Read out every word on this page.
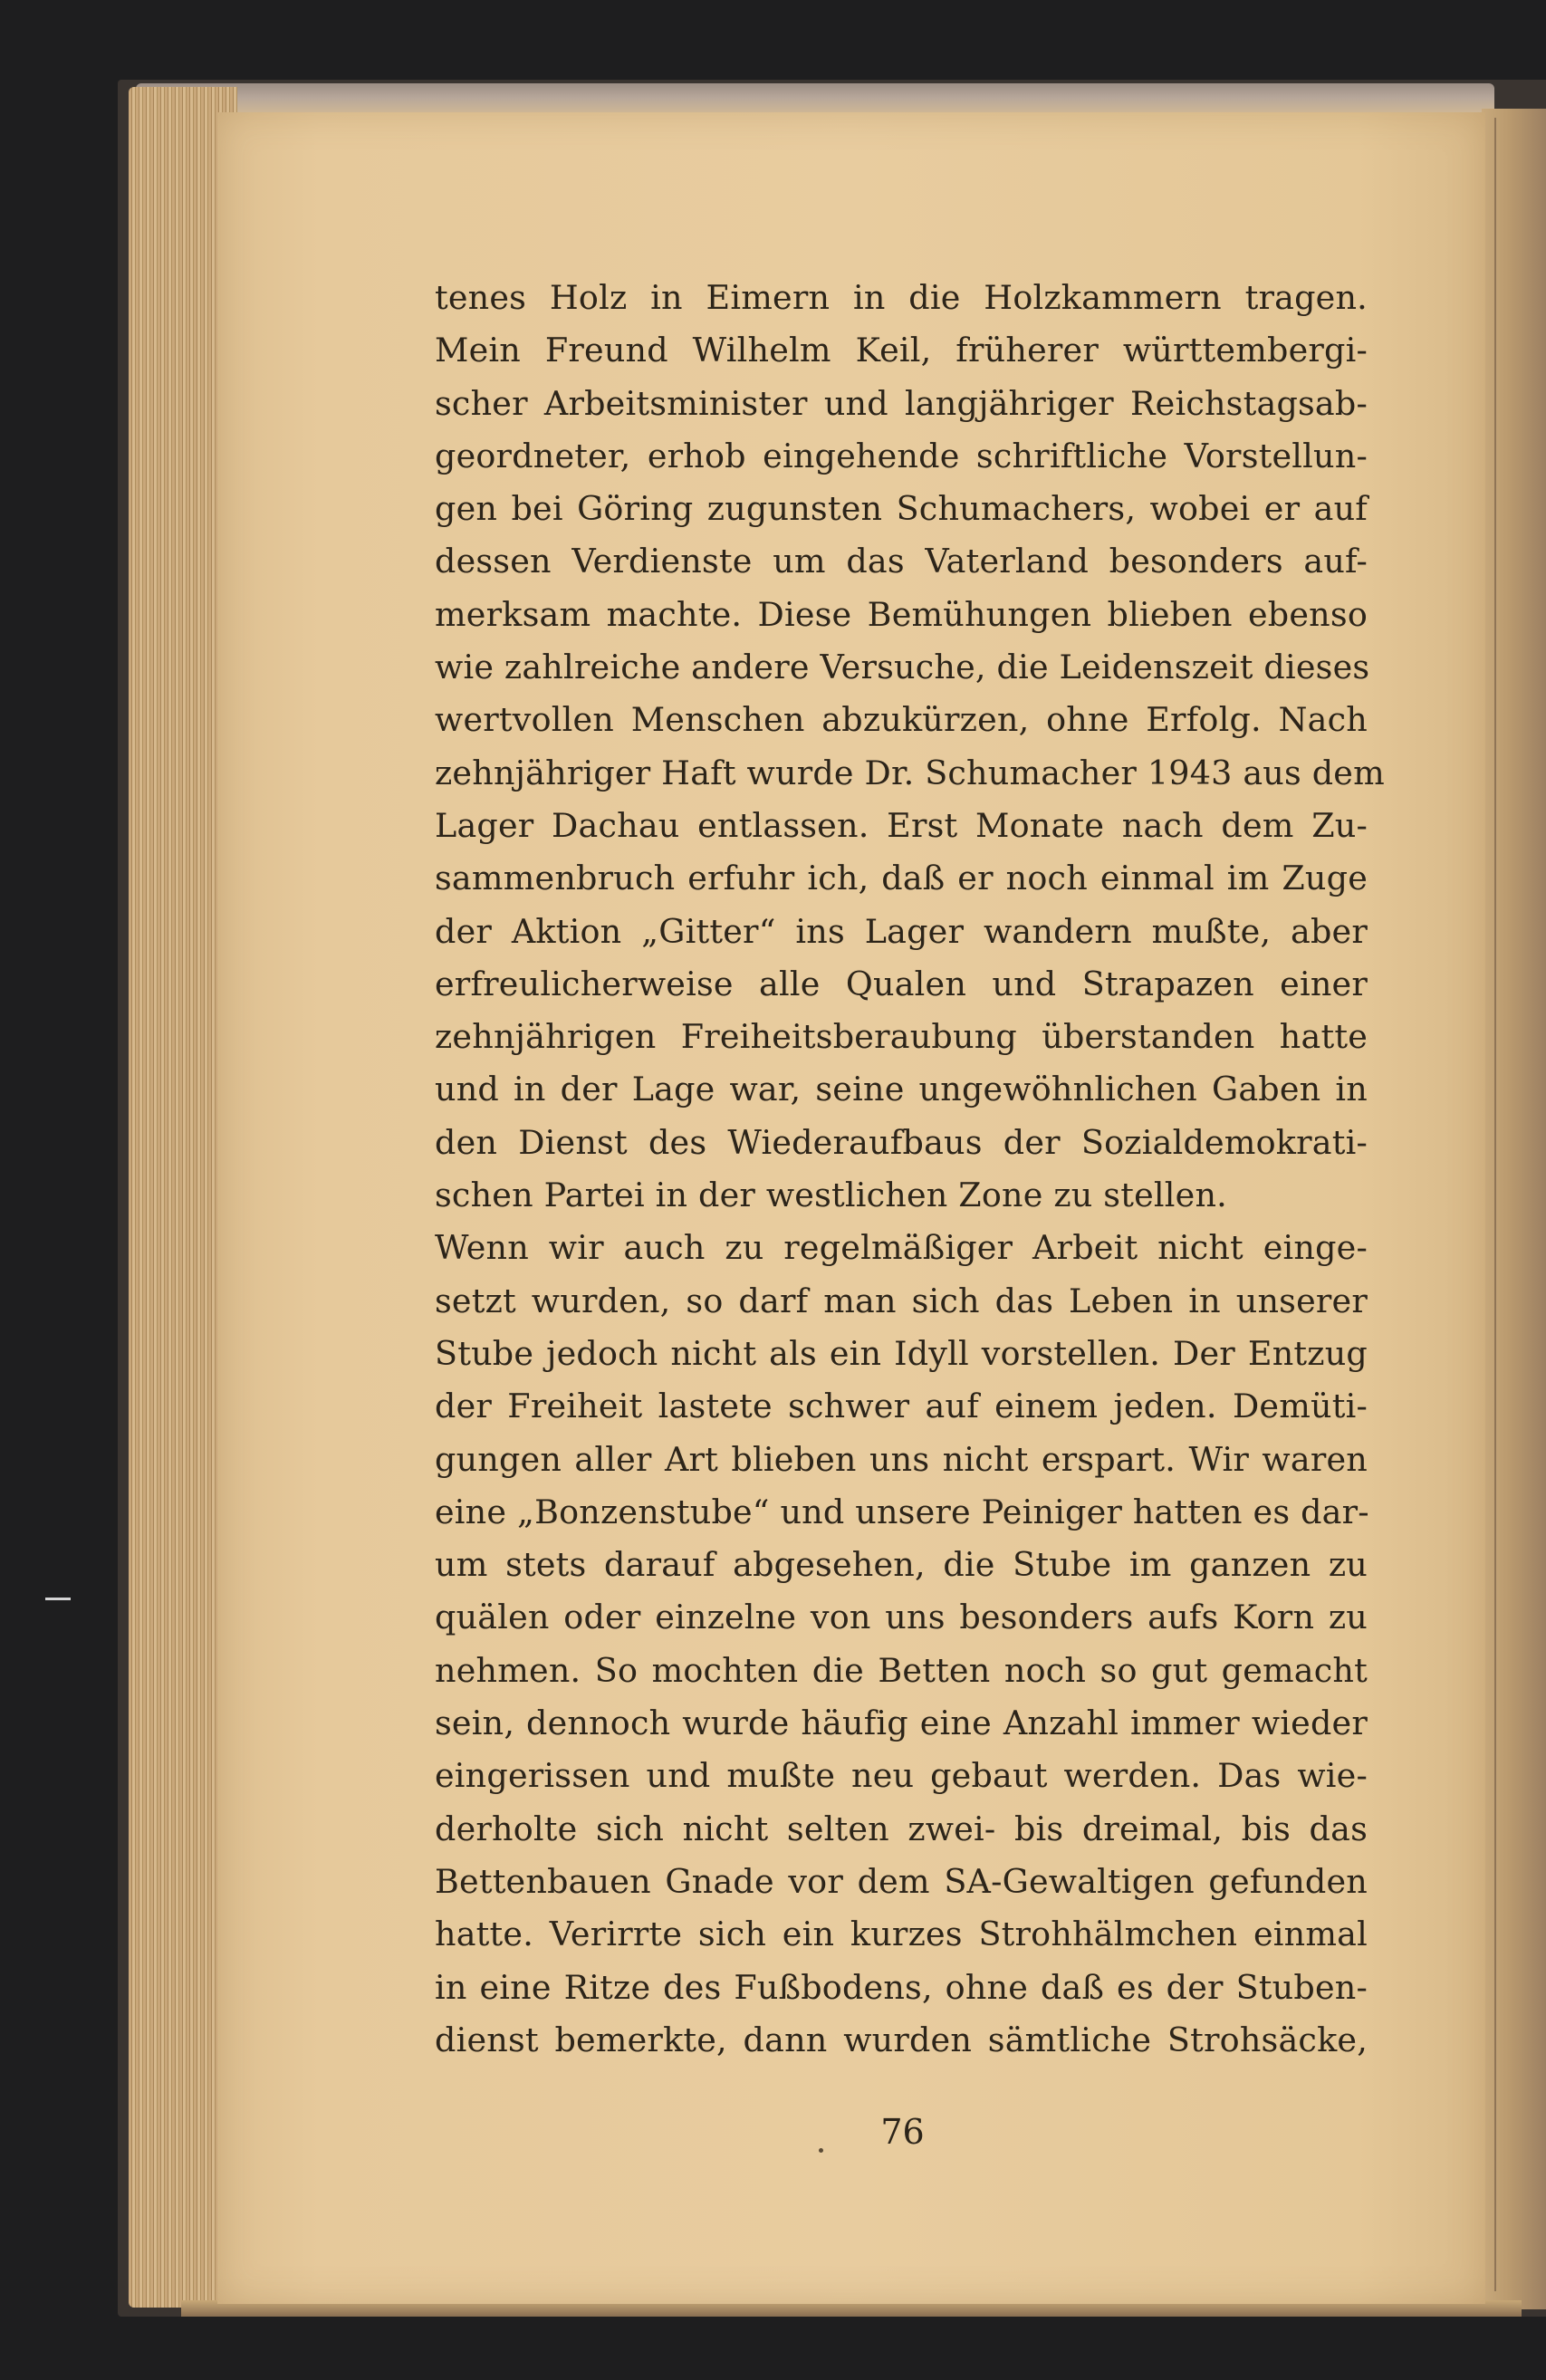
tenes Holz in Eimern in die Holzkammern tragen.
Mein Freund Wilhelm Keil, früherer württembergi-
scher Arbeitsminister und langjähriger Reichstagsab-
geordneter, erhob eingehende schriftliche Vorstellun-
gen bei Göring zugunsten Schumachers, wobei er auf
dessen Verdienste um das Vaterland besonders auf-
merksam machte. Diese Bemühungen blieben ebenso
wie zahlreiche andere Versuche, die Leidenszeit dieses
wertvollen Menschen abzukürzen, ohne Erfolg. Nach
zehnjähriger Haft wurde Dr. Schumacher 1943 aus dem
Lager Dachau entlassen. Erst Monate nach dem Zu-
sammenbruch erfuhr ich, daß er noch einmal im Zuge
der Aktion „Gitter“ ins Lager wandern mußte, aber
erfreulicherweise alle Qualen und Strapazen einer
zehnjährigen Freiheitsberaubung überstanden hatte
und in der Lage war, seine ungewöhnlichen Gaben in
den Dienst des Wiederaufbaus der Sozialdemokrati-
schen Partei in der westlichen Zone zu stellen.
Wenn wir auch zu regelmäßiger Arbeit nicht einge-
setzt wurden, so darf man sich das Leben in unserer
Stube jedoch nicht als ein Idyll vorstellen. Der Entzug
der Freiheit lastete schwer auf einem jeden. Demüti-
gungen aller Art blieben uns nicht erspart. Wir waren
eine „Bonzenstube“ und unsere Peiniger hatten es dar-
um stets darauf abgesehen, die Stube im ganzen zu
quälen oder einzelne von uns besonders aufs Korn zu
nehmen. So mochten die Betten noch so gut gemacht
sein, dennoch wurde häufig eine Anzahl immer wieder
eingerissen und mußte neu gebaut werden. Das wie-
derholte sich nicht selten zwei- bis dreimal, bis das
Bettenbauen Gnade vor dem SA-Gewaltigen gefunden
hatte. Verirrte sich ein kurzes Strohhälmchen einmal
in eine Ritze des Fußbodens, ohne daß es der Stuben-
dienst bemerkte, dann wurden sämtliche Strohsäcke,
76
